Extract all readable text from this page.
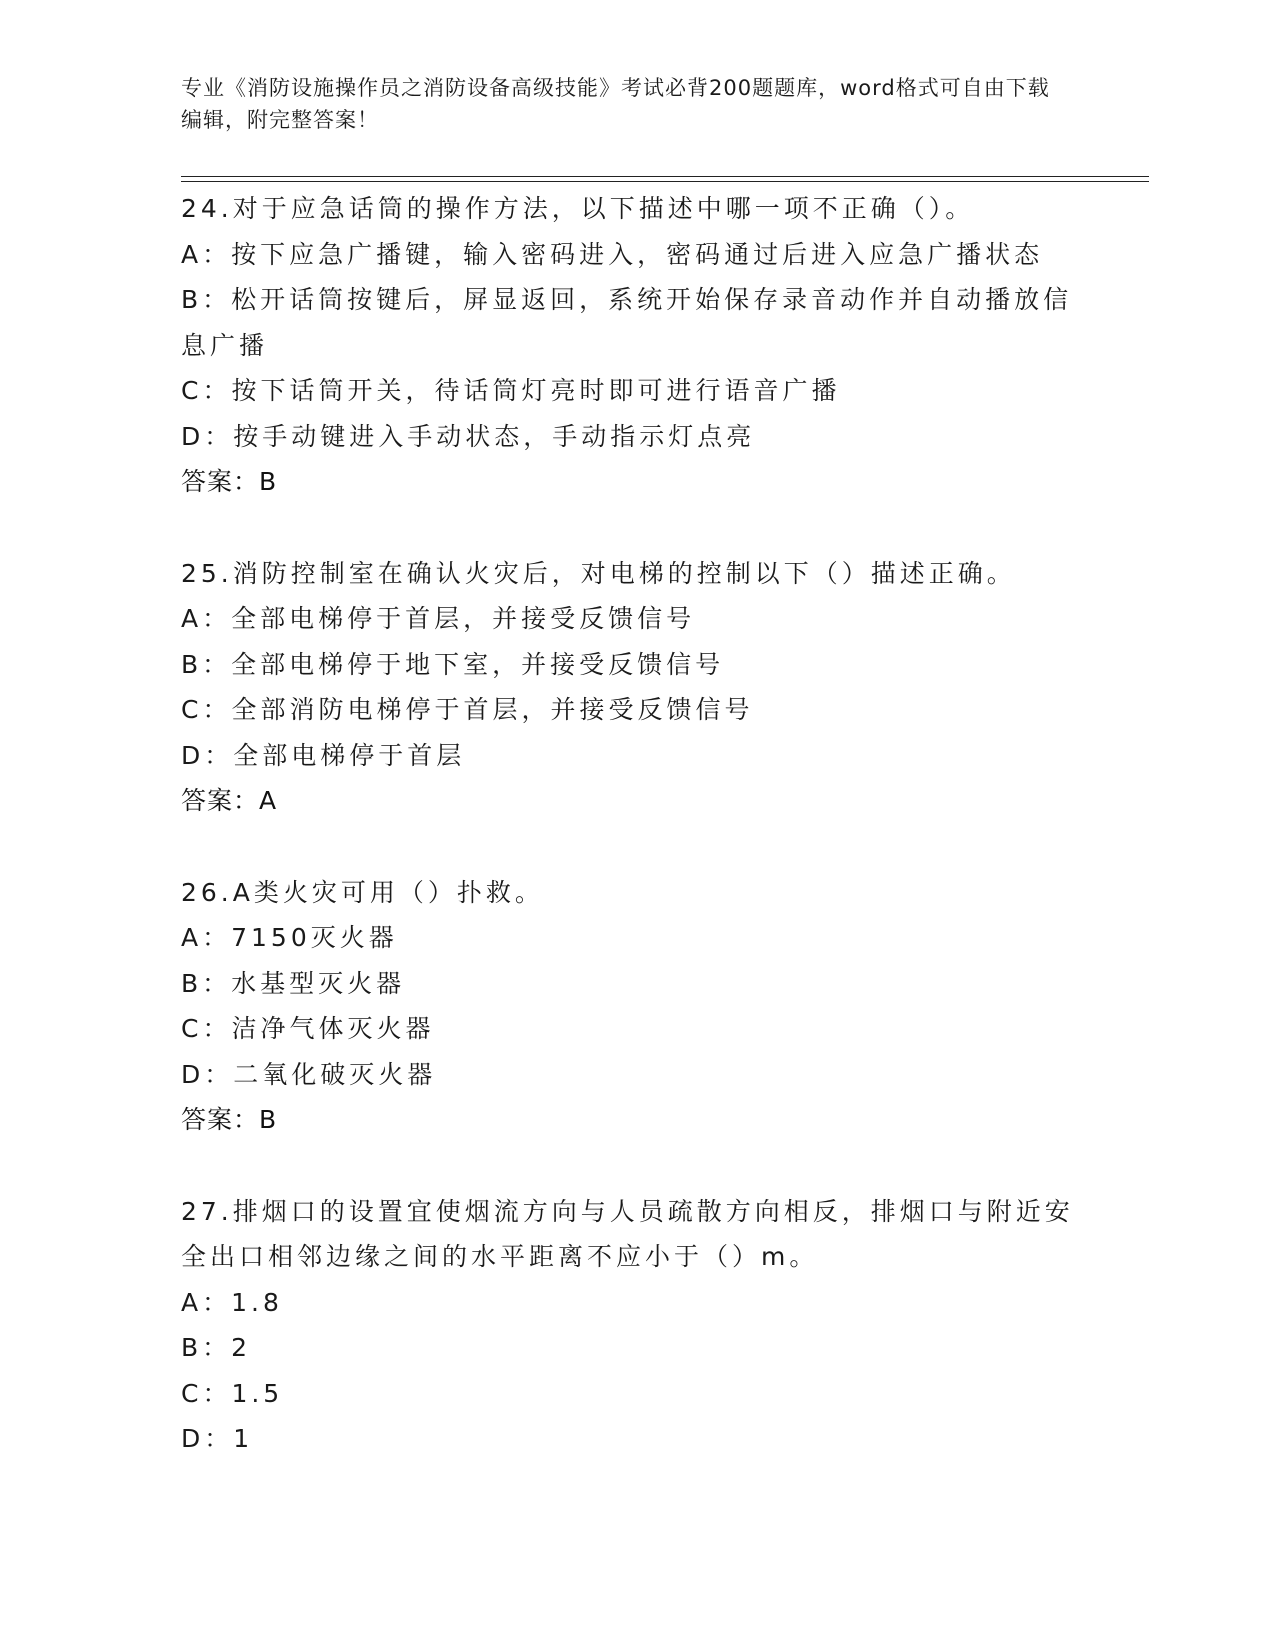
专业《消防设施操作员之消防设备高级技能》考试必背200题题库，word格式可自由下载编辑，附完整答案！
24.对于应急话筒的操作方法，以下描述中哪一项不正确（）。
A：按下应急广播键，输入密码进入，密码通过后进入应急广播状态
B：松开话筒按键后，屏显返回，系统开始保存录音动作并自动播放信息广播
C：按下话筒开关，待话筒灯亮时即可进行语音广播
D：按手动键进入手动状态，手动指示灯点亮
答案：B
25.消防控制室在确认火灾后，对电梯的控制以下（）描述正确。
A：全部电梯停于首层，并接受反馈信号
B：全部电梯停于地下室，并接受反馈信号
C：全部消防电梯停于首层，并接受反馈信号
D：全部电梯停于首层
答案：A
26.A类火灾可用（）扑救。
A：7150灭火器
B：水基型灭火器
C：洁净气体灭火器
D：二氧化破灭火器
答案：B
27.排烟口的设置宜使烟流方向与人员疏散方向相反，排烟口与附近安全出口相邻边缘之间的水平距离不应小于（）m。
A：1.8
B：2
C：1.5
D：1
